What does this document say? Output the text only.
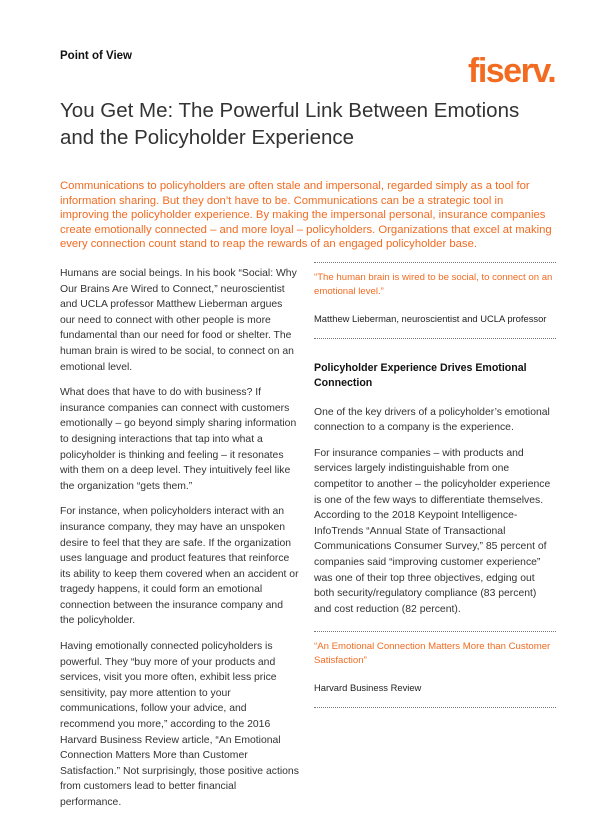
Point of View	fiserv.
You Get Me: The Powerful Link Between Emotions and the Policyholder Experience

Communications to policyholders are often stale and impersonal, regarded simply as a tool for information sharing. But they don’t have to be. Communications can be a strategic tool in improving the policyholder experience. By making the impersonal personal, insurance companies create emotionally connected – and more loyal – policyholders. Organizations that excel at making every connection count stand to reap the rewards of an engaged policyholder base.

Humans are social beings. In his book “Social: Why Our Brains Are Wired to Connect,” neuroscientist and UCLA professor Matthew Lieberman argues our need to connect with other people is more fundamental than our need for food or shelter. The human brain is wired to be social, to connect on an emotional level.

What does that have to do with business? If insurance companies can connect with customers emotionally – go beyond simply sharing information to designing interactions that tap into what a policyholder is thinking and feeling – it resonates with them on a deep level. They intuitively feel like the organization “gets them.”

For instance, when policyholders interact with an insurance company, they may have an unspoken desire to feel that they are safe. If the organization uses language and product features that reinforce its ability to keep them covered when an accident or tragedy happens, it could form an emotional connection between the insurance company and the policyholder.

Having emotionally connected policyholders is powerful. They “buy more of your products and services, visit you more often, exhibit less price sensitivity, pay more attention to your communications, follow your advice, and recommend you more,” according to the 2016 Harvard Business Review article, “An Emotional Connection Matters More than Customer Satisfaction.” Not surprisingly, those positive actions from customers lead to better financial performance.

“The human brain is wired to be social, to connect on an emotional level.”
Matthew Lieberman, neuroscientist and UCLA professor
Policyholder Experience Drives Emotional Connection

One of the key drivers of a policyholder’s emotional connection to a company is the experience.

For insurance companies – with products and services largely indistinguishable from one competitor to another – the policyholder experience is one of the few ways to differentiate themselves. According to the 2018 Keypoint Intelligence-InfoTrends “Annual State of Transactional Communications Consumer Survey,” 85 percent of companies said “improving customer experience” was one of their top three objectives, edging out both security/regulatory compliance (83 percent) and cost reduction (82 percent).

“An Emotional Connection Matters More than Customer Satisfaction”
Harvard Business Review
